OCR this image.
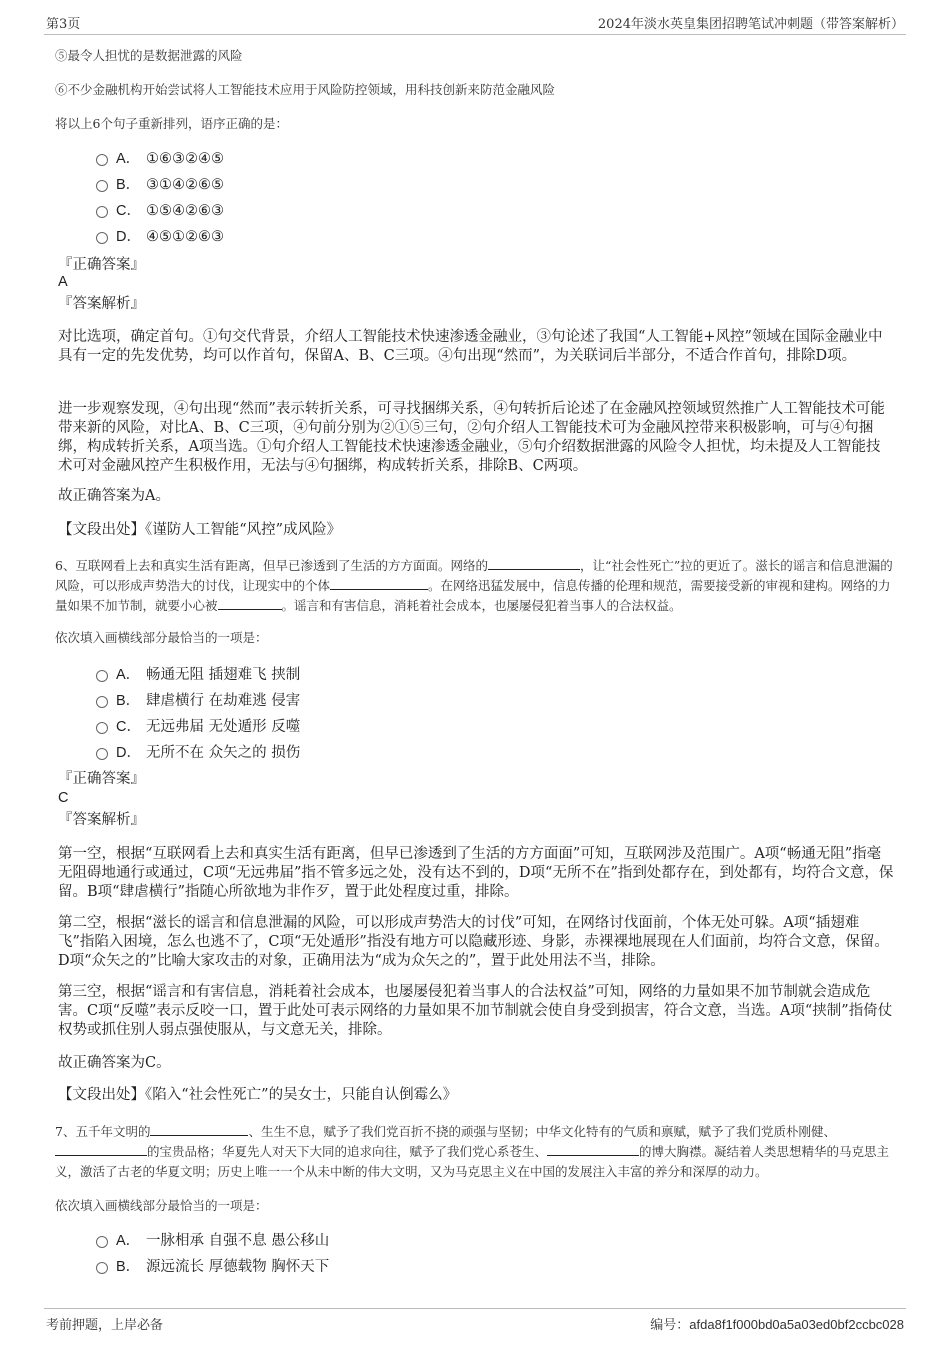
第3页	2024年淡水英皇集团招聘笔试冲刺题（带答案解析）
⑤最令人担忧的是数据泄露的风险
⑥不少金融机构开始尝试将人工智能技术应用于风险防控领域，用科技创新来防范金融风险
将以上6个句子重新排列，语序正确的是：
A． ①⑥③②④⑤
B． ③①④②⑥⑤
C． ①⑤④②⑥③
D． ④⑤①②⑥③
『正确答案』
A
『答案解析』
对比选项，确定首句。①句交代背景，介绍人工智能技术快速渗透金融业，③句论述了我国“人工智能+风控”领域在国际金融业中具有一定的先发优势，均可以作首句，保留A、B、C三项。④句出现“然而”，为关联词后半部分，不适合作首句，排除D项。
进一步观察发现，④句出现“然而”表示转折关系，可寻找捆绑关系，④句转折后论述了在金融风控领域贸然推广人工智能技术可能带来新的风险，对比A、B、C三项，④句前分别为②①⑤三句，②句介绍人工智能技术可为金融风控带来积极影响，可与④句捆绑，构成转折关系，A项当选。①句介绍人工智能技术快速渗透金融业，⑤句介绍数据泄露的风险令人担忧，均未提及人工智能技术可对金融风控产生积极作用，无法与④句捆绑，构成转折关系，排除B、C两项。
故正确答案为A。
【文段出处】《谨防人工智能“风控”成风险》
6、互联网看上去和真实生活有距离，但早已渗透到了生活的方方面面。网络的	，让“社会性死亡”拉的更近了。滋长的谣言和信息泄漏的风险，可以形成声势浩大的讨伐，让现实中的个体	。在网络迅猛发展中，信息传播的伦理和规范，需要接受新的审视和建构。网络的力量如果不加节制，就要小心被	。谣言和有害信息，消耗着社会成本，也屡屡侵犯着当事人的合法权益。
依次填入画横线部分最恰当的一项是：
A． 畅通无阻 插翅难飞 挟制
B． 肆虐横行 在劫难逃 侵害
C． 无远弗届 无处遁形 反噬
D． 无所不在 众矢之的 损伤
『正确答案』
C
『答案解析』
第一空，根据“互联网看上去和真实生活有距离，但早已渗透到了生活的方方面面”可知，互联网涉及范围广。A项“畅通无阻”指毫无阻碍地通行或通过，C项“无远弗届”指不管多远之处，没有达不到的，D项“无所不在”指到处都存在，到处都有，均符合文意，保留。B项“肆虐横行”指随心所欲地为非作歹，置于此处程度过重，排除。
第二空，根据“滋长的谣言和信息泄漏的风险，可以形成声势浩大的讨伐”可知，在网络讨伐面前，个体无处可躲。A项“插翅难飞”指陷入困境，怎么也逃不了，C项“无处遁形”指没有地方可以隐藏形迹、身影，赤裸裸地展现在人们面前，均符合文意，保留。D项“众矢之的”比喻大家攻击的对象，正确用法为“成为众矢之的”，置于此处用法不当，排除。
第三空，根据“谣言和有害信息，消耗着社会成本，也屡屡侵犯着当事人的合法权益”可知，网络的力量如果不加节制就会造成危害。C项“反噬”表示反咬一口，置于此处可表示网络的力量如果不加节制就会使自身受到损害，符合文意，当选。A项“挟制”指倚仗权势或抓住别人弱点强使服从，与文意无关，排除。
故正确答案为C。
【文段出处】《陷入“社会性死亡”的吴女士，只能自认倒霉么》
7、五千年文明的	、生生不息，赋予了我们党百折不挠的顽强与坚韧；中华文化特有的气质和禀赋，赋予了我们党质朴刚健、的宝贵品格；华夏先人对天下大同的追求向往，赋予了我们党心系苍生、	的博大胸襟。凝结着人类思想精华的马克思主义，激活了古老的华夏文明；历史上唯一一个从未中断的伟大文明，又为马克思主义在中国的发展注入丰富的养分和深厚的动力。
依次填入画横线部分最恰当的一项是：
A． 一脉相承 自强不息 愚公移山
B． 源远流长 厚德载物 胸怀天下
考前押题，上岸必备	编号：afda8f1f000bd0a5a03ed0bf2ccbc028
